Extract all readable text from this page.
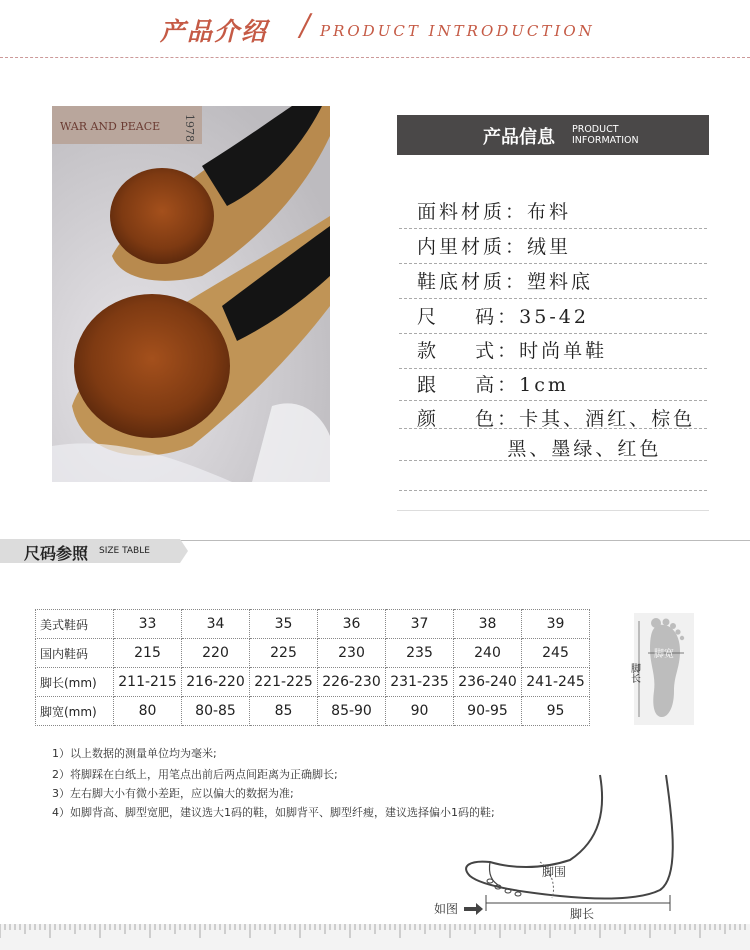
产品介绍 / PRODUCT INTRODUCTION
WAR AND PEACE 1978	产品信息 PRODUCT
INFORMATION
面料材质：布料
内里材质：绒里
鞋底材质：塑料底
尺    码：35-42
款    式：时尚单鞋
跟    高：1cm
颜    色：卡其、酒红、棕色
黑、墨绿、红色
尺码参照 SIZE TABLE
美式鞋码	33	34	35	36	37	38	39
国内鞋码	215	220	225	230	235	240	245
脚长(mm)	211-215	216-220	221-225	226-230	231-235	236-240	241-245
脚宽(mm)	80	80-85	85	85-90	90	90-95	95
脚宽
脚长
1）以上数据的测量单位均为毫米;
2）将脚踩在白纸上，用笔点出前后两点间距离为正确脚长;
3）左右脚大小有微小差距，应以偏大的数据为准;
4）如脚背高、脚型宽肥，建议选大1码的鞋，如脚背平、脚型纤瘦，建议选择偏小1码的鞋;
脚围
脚长
如图
